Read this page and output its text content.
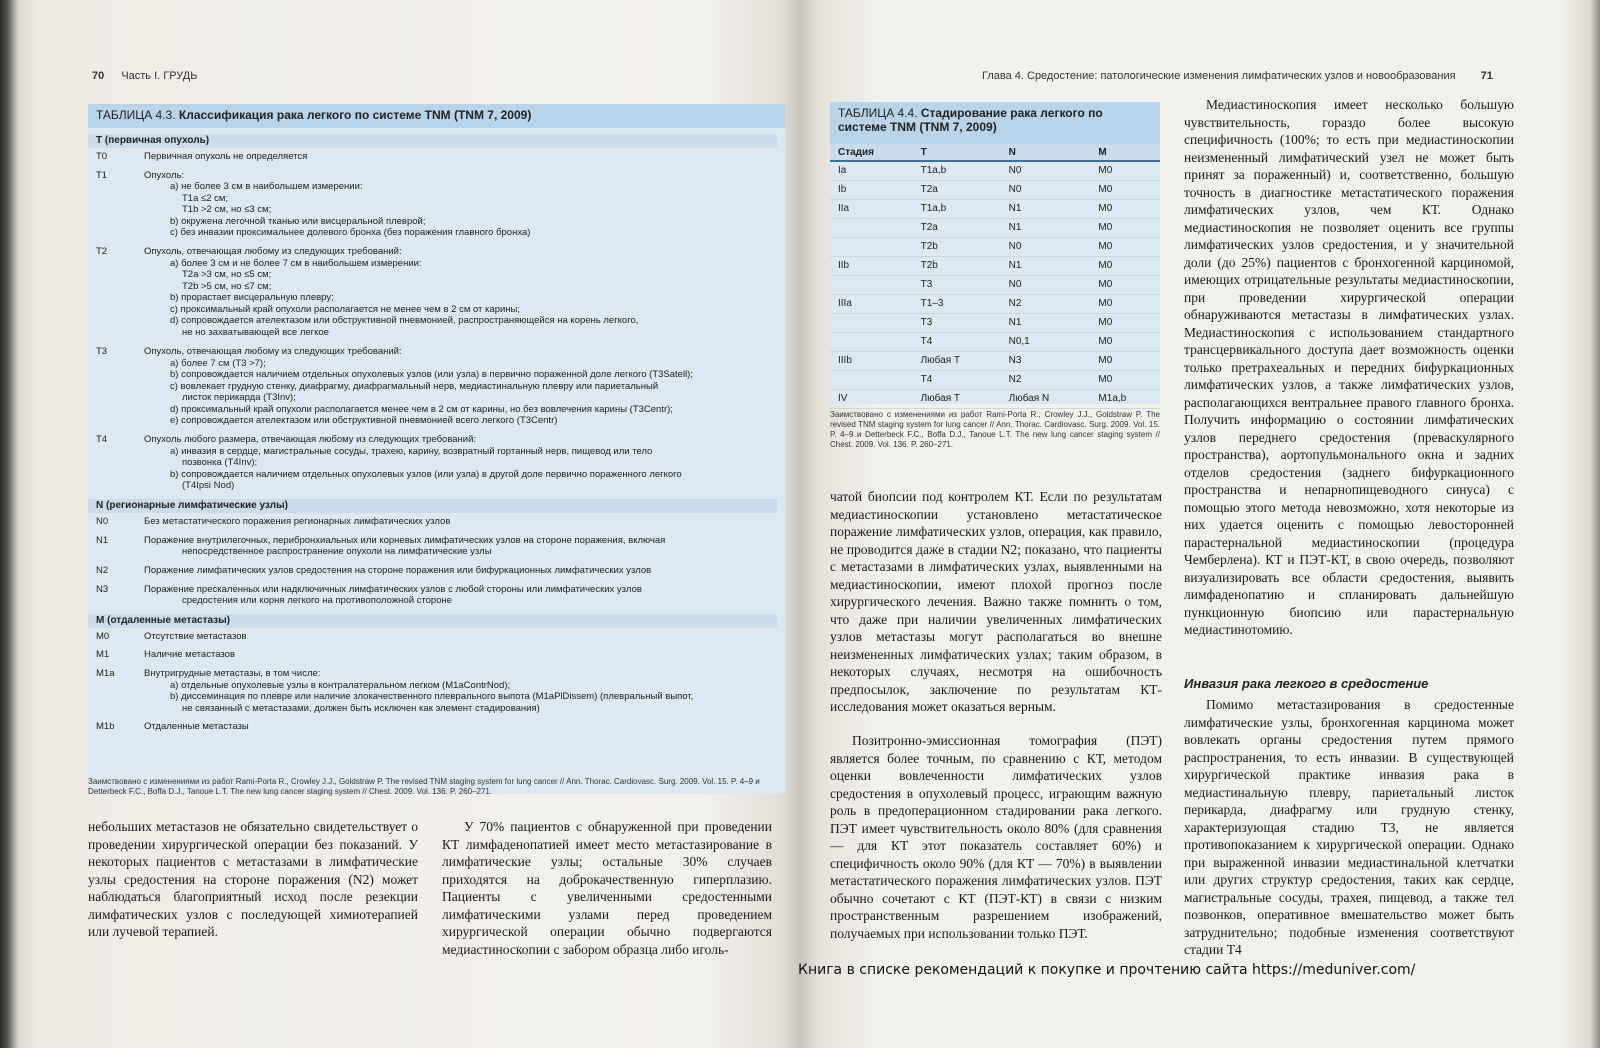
70 Часть I. ГРУДЬ
ТАБЛИЦА 4.3. Классификация рака легкого по системе TNM (TNM 7, 2009)
Т (первичная опухоль)
T0	Первичная опухоль не определяется
T1	Опухоль:
a) не более 3 см в наибольшем измерении:
T1a ≤2 см;
T1b >2 см, но ≤3 см;
b) окружена легочной тканью или висцеральной плеврой;
c) без инвазии проксимальнее долевого бронха (без поражения главного бронха)
T2	Опухоль, отвечающая любому из следующих требований:
a) более 3 см и не более 7 см в наибольшем измерении:
T2a >3 см, но ≤5 см;
T2b >5 см, но ≤7 см;
b) прорастает висцеральную плевру;
c) проксимальный край опухоли располагается не менее чем в 2 см от карины;
d) сопровождается ателектазом или обструктивной пневмонией, распространяющейся на корень легкого,
не но захватывающей все легкое
T3	Опухоль, отвечающая любому из следующих требований:
a) более 7 см (Т3 >7);
b) сопровождается наличием отдельных опухолевых узлов (или узла) в первично пораженной доле легкого (T3Satell);
c) вовлекает грудную стенку, диафрагму, диафрагмальный нерв, медиастинальную плевру или париетальный
листок перикарда (T3Inv);
d) проксимальный край опухоли располагается менее чем в 2 см от карины, но без вовлечения карины (T3Centr);
e) сопровождается ателектазом или обструктивной пневмонией всего легкого (T3Centr)
T4	Опухоль любого размера, отвечающая любому из следующих требований:
a) инвазия в сердце, магистральные сосуды, трахею, карину, возвратный гортанный нерв, пищевод или тело
позвонка (T4Inv);
b) сопровождается наличием отдельных опухолевых узлов (или узла) в другой доле первично пораженного легкого
(T4Ipsi Nod)
N (регионарные лимфатические узлы)
N0	Без метастатического поражения регионарных лимфатических узлов
N1	Поражение внутрилегочных, перибронхиальных или корневых лимфатических узлов на стороне поражения, включая
непосредственное распространение опухоли на лимфатические узлы
N2	Поражение лимфатических узлов средостения на стороне поражения или бифуркационных лимфатических узлов
N3	Поражение прескаленных или надключичных лимфатических узлов с любой стороны или лимфатических узлов
средостения или корня легкого на противоположной стороне
М (отдаленные метастазы)
M0	Отсутствие метастазов
M1	Наличие метастазов
M1a	Внутригрудные метастазы, в том числе:
a) отдельные опухолевые узлы в контралатеральном легком (M1aContrNod);
b) диссеминация по плевре или наличие злокачественного плеврального выпота (M1aPlDissem) (плевральный выпот,
не связанный с метастазами, должен быть исключен как элемент стадирования)
M1b	Отдаленные метастазы
Заимствовано с изменениями из работ Rami-Porta R., Crowley J.J., Goldstraw P. The revised TNM staging system for lung cancer // Ann. Thorac. Cardiovasc. Surg. 2009. Vol. 15. P. 4–9 и Detterbeck F.C., Boffa D.J., Tanoue L.T. The new lung cancer staging system // Chest. 2009. Vol. 136. P. 260–271.
небольших метастазов не обязательно свидетельствует о проведении хирургической операции без показаний. У некоторых пациентов с метастазами в лимфатические узлы средостения на стороне поражения (N2) может наблюдаться благоприятный исход после резекции лимфатических узлов с последующей химиотерапией или лучевой терапией.
У 70% пациентов с обнаруженной при проведении КТ лимфаденопатией имеет место метастазирование в лимфатические узлы; остальные 30% случаев приходятся на доброкачественную гиперплазию. Пациенты с увеличенными средостенными лимфатическими узлами перед проведением хирургической операции обычно подвергаются медиастиноскопии с забором образца либо иголь-
Глава 4. Средостение: патологические изменения лимфатических узлов и новообразования 71
ТАБЛИЦА 4.4. Стадирование рака легкого по системе TNM (TNM 7, 2009)
Стадия	T	N	M
Ia	T1a,b	N0	M0
Ib	T2a	N0	M0
IIa	T1a,b	N1	M0
	T2a	N1	M0
	T2b	N0	M0
IIb	T2b	N1	M0
	T3	N0	M0
IIIa	T1–3	N2	M0
	T3	N1	M0
	T4	N0,1	M0
IIIb	Любая T	N3	M0
	T4	N2	M0
IV	Любая T	Любая N	M1a,b
Заимствовано с изменениями из работ Rami-Porta R., Crowley J.J., Goldstraw P. The revised TNM staging system for lung cancer // Ann. Thorac. Cardiovasc. Surg. 2009. Vol. 15. P. 4–9 и Detterbeck F.C., Boffa D.J., Tanoue L.T. The new lung cancer staging system // Chest. 2009. Vol. 136. P. 260–271.
чатой биопсии под контролем КТ. Если по результатам медиастиноскопии установлено метастатическое поражение лимфатических узлов, операция, как правило, не проводится даже в стадии N2; показано, что пациенты с метастазами в лимфатических узлах, выявленными на медиастиноскопии, имеют плохой прогноз после хирургического лечения. Важно также помнить о том, что даже при наличии увеличенных лимфатических узлов метастазы могут располагаться во внешне неизмененных лимфатических узлах; таким образом, в некоторых случаях, несмотря на ошибочность предпосылок, заключение по результатам КТ-исследования может оказаться верным.
Позитронно-эмиссионная томография (ПЭТ) является более точным, по сравнению с КТ, методом оценки вовлеченности лимфатических узлов средостения в опухолевый процесс, играющим важную роль в предоперационном стадировании рака легкого. ПЭТ имеет чувствительность около 80% (для сравнения — для КТ этот показатель составляет 60%) и специфичность около 90% (для КТ — 70%) в выявлении метастатического поражения лимфатических узлов. ПЭТ обычно сочетают с КТ (ПЭТ-КТ) в связи с низким пространственным разрешением изображений, получаемых при использовании только ПЭТ.
Медиастиноскопия имеет несколько большую чувствительность, гораздо более высокую специфичность (100%; то есть при медиастиноскопии неизмененный лимфатический узел не может быть принят за пораженный) и, соответственно, большую точность в диагностике метастатического поражения лимфатических узлов, чем КТ. Однако медиастиноскопия не позволяет оценить все группы лимфатических узлов средостения, и у значительной доли (до 25%) пациентов с бронхогенной карциномой, имеющих отрицательные результаты медиастиноскопии, при проведении хирургической операции обнаруживаются метастазы в лимфатических узлах. Медиастиноскопия с использованием стандартного трансцервикального доступа дает возможность оценки только претрахеальных и передних бифуркационных лимфатических узлов, а также лимфатических узлов, располагающихся вентральнее правого главного бронха. Получить информацию о состоянии лимфатических узлов переднего средостения (преваскулярного пространства), аортопульмонального окна и задних отделов средостения (заднего бифуркационного пространства и непарнопищеводного синуса) с помощью этого метода невозможно, хотя некоторые из них удается оценить с помощью левосторонней парастернальной медиастиноскопии (процедура Чемберлена). КТ и ПЭТ-КТ, в свою очередь, позволяют визуализировать все области средостения, выявить лимфаденопатию и спланировать дальнейшую пункционную биопсию или парастернальную медиастинотомию.
Инвазия рака легкого в средостение
Помимо метастазирования в средостенные лимфатические узлы, бронхогенная карцинома может вовлекать органы средостения путем прямого распространения, то есть инвазии. В существующей хирургической практике инвазия рака в медиастинальную плевру, париетальный листок перикарда, диафрагму или грудную стенку, характеризующая стадию Т3, не является противопоказанием к хирургической операции. Однако при выраженной инвазии медиастинальной клетчатки или других структур средостения, таких как сердце, магистральные сосуды, трахея, пищевод, а также тел позвонков, оперативное вмешательство может быть затруднительно; подобные изменения соответствуют стадии Т4
Книга в списке рекомендаций к покупке и прочтению сайта https://meduniver.com/
